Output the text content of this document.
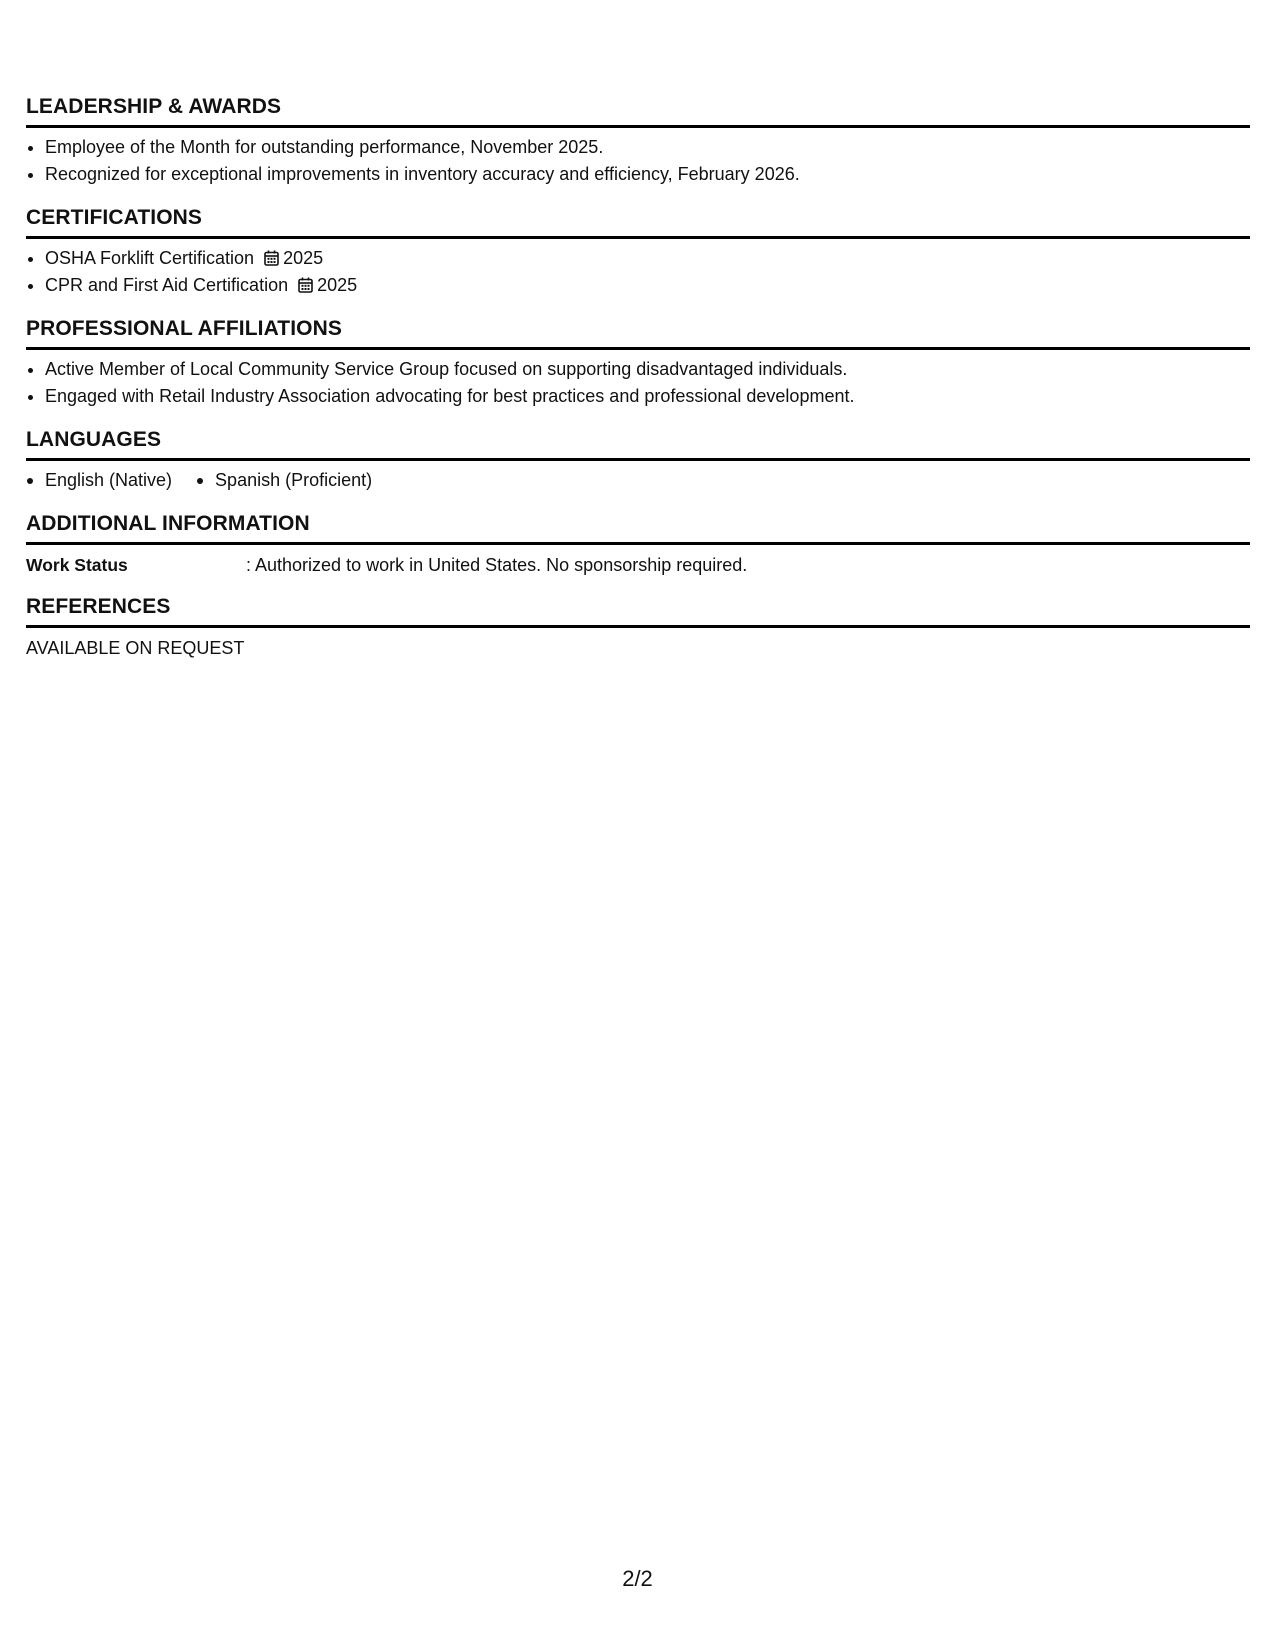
LEADERSHIP & AWARDS
• Employee of the Month for outstanding performance, November 2025.
• Recognized for exceptional improvements in inventory accuracy and efficiency, February 2026.
CERTIFICATIONS
• OSHA Forklift Certification 2025
• CPR and First Aid Certification 2025
PROFESSIONAL AFFILIATIONS
• Active Member of Local Community Service Group focused on supporting disadvantaged individuals.
• Engaged with Retail Industry Association advocating for best practices and professional development.
LANGUAGES
English (Native)	Spanish (Proficient)
ADDITIONAL INFORMATION
Work Status	: Authorized to work in United States. No sponsorship required.
REFERENCES
AVAILABLE ON REQUEST
2/2
